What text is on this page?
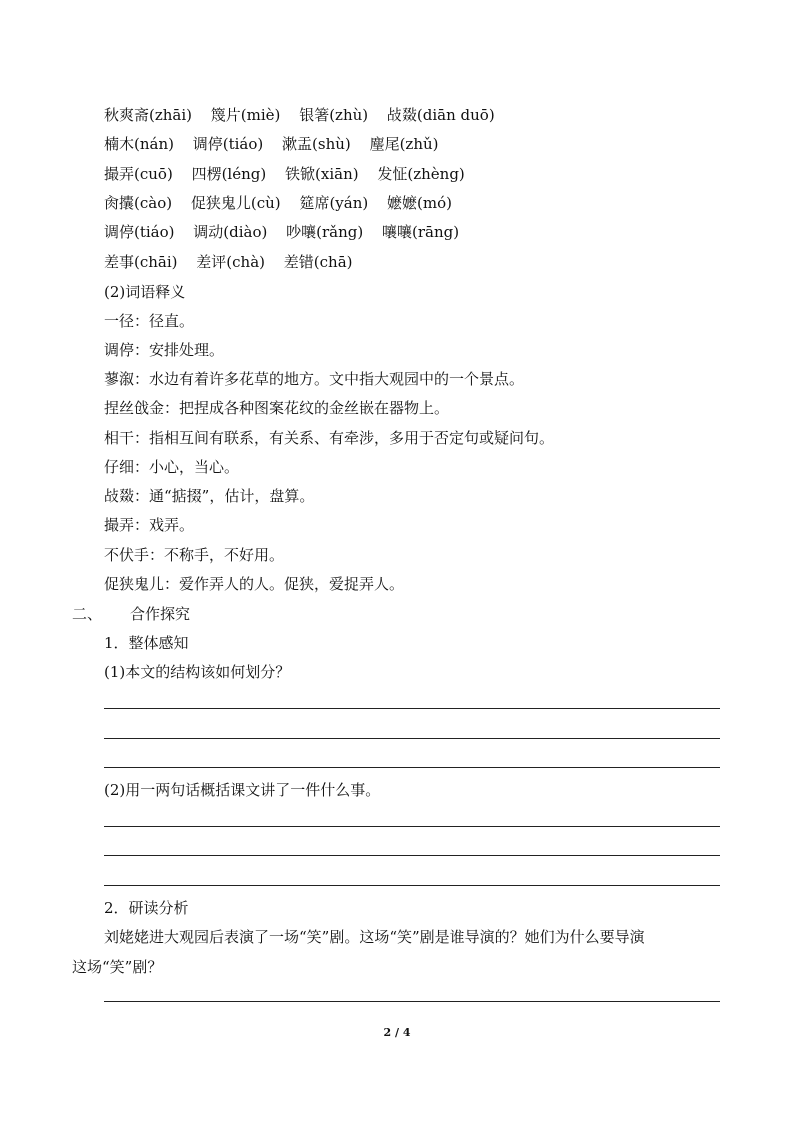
秋爽斋(zhāi) 篾片(miè) 银箸(zhù) 敁敠(diān duō)
楠木(nán) 调停(tiáo) 漱盂(shù) 麈尾(zhǔ)
撮弄(cuō) 四楞(léng) 铁锨(xiān) 发怔(zhèng)
肏攮(cào) 促狭鬼儿(cù) 筵席(yán) 嬷嬷(mó)
调停(tiáo) 调动(diào) 吵嚷(rǎng) 嚷嚷(rāng)
差事(chāi) 差评(chà) 差错(chā)
(2)词语释义
一径：径直。
调停：安排处理。
蓼溆：水边有着许多花草的地方。文中指大观园中的一个景点。
捏丝戗金：把捏成各种图案花纹的金丝嵌在器物上。
相干：指相互间有联系，有关系、有牵涉，多用于否定句或疑问句。
仔细：小心，当心。
敁敠：通“掂掇”，估计，盘算。
撮弄：戏弄。
不伏手：不称手，不好用。
促狭鬼儿：爱作弄人的人。促狭，爱捉弄人。
二、 合作探究
1．整体感知
(1)本文的结构该如何划分？
(2)用一两句话概括课文讲了一件什么事。
2．研读分析
刘姥姥进大观园后表演了一场“笑”剧。这场“笑”剧是谁导演的？她们为什么要导演
这场“笑”剧？
2 / 4
